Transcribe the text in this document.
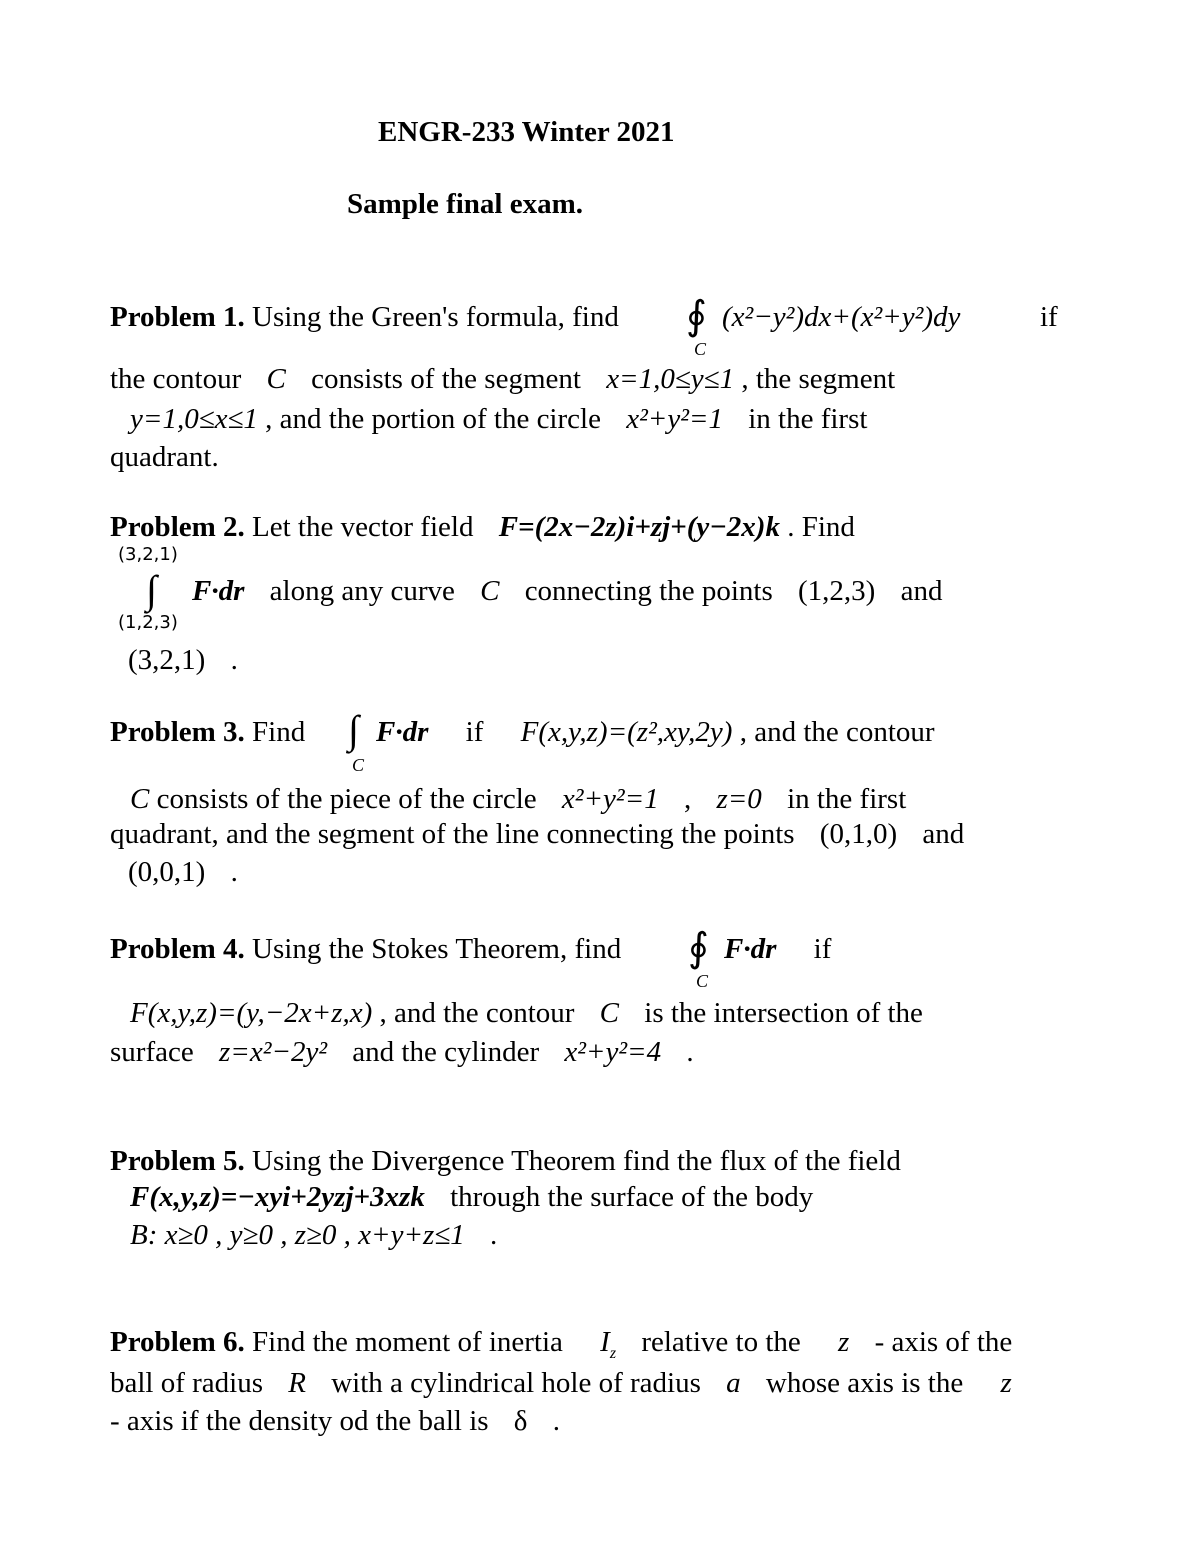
ENGR-233 Winter 2021
Sample final exam.
Problem 1. Using the Green's formula, find ∮
C
(x²−y²)dx+(x²+y²)dy	if
the contour C consists of the segment x=1,0≤y≤1 , the segment
y=1,0≤x≤1 , and the portion of the circle x²+y²=1 in the first
quadrant.
Problem 2. Let the vector field F=(2x−2z)i+zj+(y−2x)k . Find
(3,2,1)
∫
(1,2,3)
F·dr along any curve C connecting the points (1,2,3) and
(3,2,1) .
Problem 3. Find ∫
C
F·dr if F(x,y,z)=(z²,xy,2y) , and the contour
C consists of the piece of the circle x²+y²=1 , z=0 in the first
quadrant, and the segment of the line connecting the points (0,1,0) and
(0,0,1) .
Problem 4. Using the Stokes Theorem, find ∮
C
F·dr if
F(x,y,z)=(y,−2x+z,x) , and the contour C is the intersection of the
surface z=x²−2y² and the cylinder x²+y²=4 .
Problem 5. Using the Divergence Theorem find the flux of the field
F(x,y,z)=−xyi+2yzj+3xzk through the surface of the body
B: x≥0 , y≥0 , z≥0 , x+y+z≤1 .
Problem 6. Find the moment of inertia $I_z$ relative to the z - axis of the
ball of radius R with a cylindrical hole of radius a whose axis is the z
- axis if the density od the ball is δ .
